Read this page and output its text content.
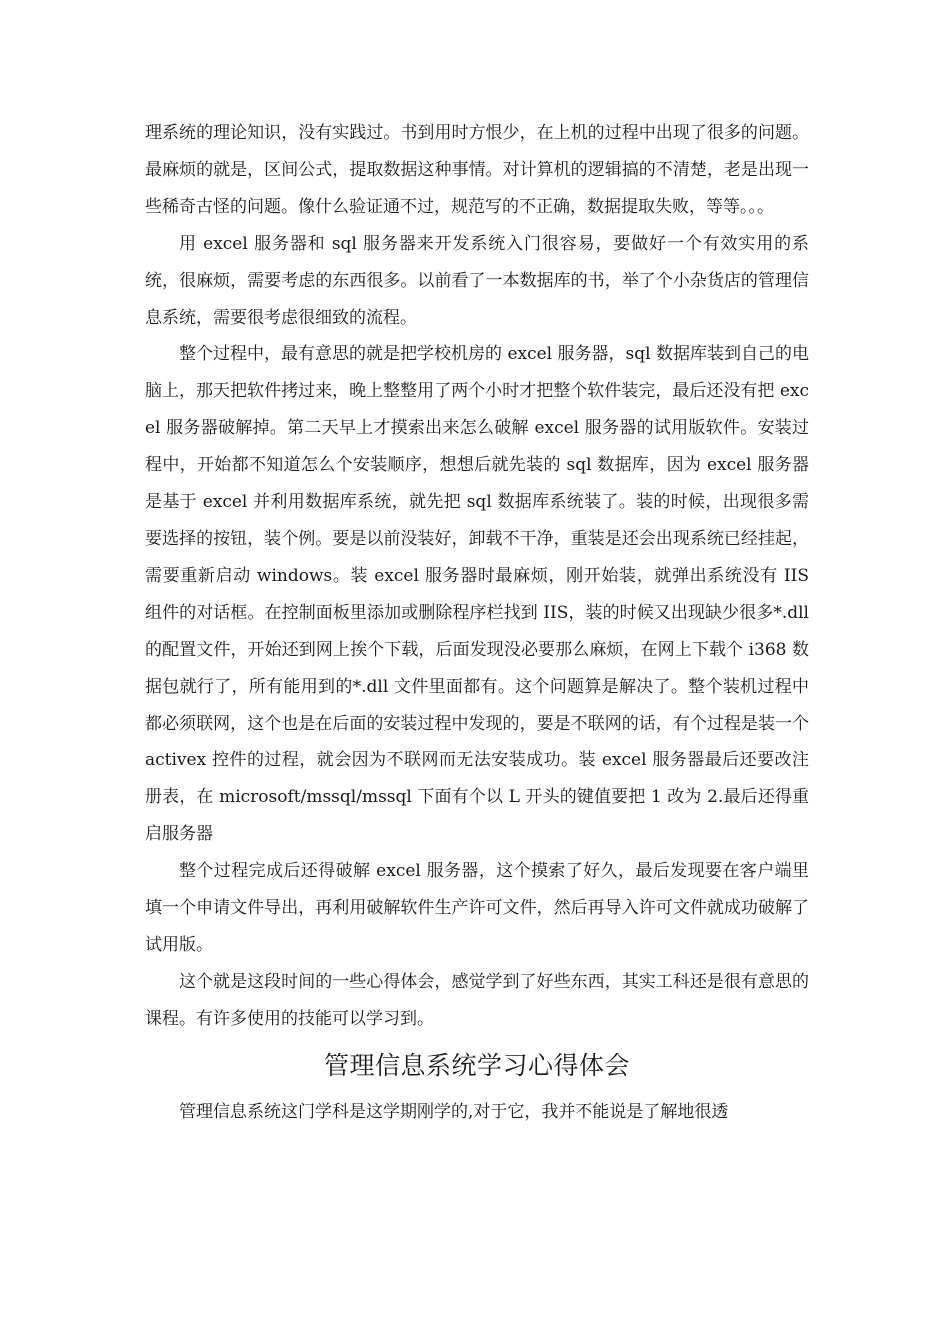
理系统的理论知识，没有实践过。书到用时方恨少，在上机的过程中出现了很多的问题。最麻烦的就是，区间公式，提取数据这种事情。对计算机的逻辑搞的不清楚，老是出现一些稀奇古怪的问题。像什么验证通不过，规范写的不正确，数据提取失败，等等。。。

用 excel 服务器和 sql 服务器来开发系统入门很容易，要做好一个有效实用的系统，很麻烦，需要考虑的东西很多。以前看了一本数据库的书，举了个小杂货店的管理信息系统，需要很考虑很细致的流程。

整个过程中，最有意思的就是把学校机房的 excel 服务器，sql 数据库装到自己的电脑上，那天把软件拷过来，晚上整整用了两个小时才把整个软件装完，最后还没有把 excel 服务器破解掉。第二天早上才摸索出来怎么破解 excel 服务器的试用版软件。安装过程中，开始都不知道怎么个安装顺序，想想后就先装的 sql 数据库，因为 excel 服务器是基于 excel 并利用数据库系统，就先把 sql 数据库系统装了。装的时候，出现很多需要选择的按钮，装个例。要是以前没装好，卸载不干净，重装是还会出现系统已经挂起，需要重新启动 windows。装 excel 服务器时最麻烦，刚开始装，就弹出系统没有 IIS 组件的对话框。在控制面板里添加或删除程序栏找到 IIS，装的时候又出现缺少很多*.dll 的配置文件，开始还到网上挨个下载，后面发现没必要那么麻烦，在网上下载个 i368 数据包就行了，所有能用到的*.dll 文件里面都有。这个问题算是解决了。整个装机过程中都必须联网，这个也是在后面的安装过程中发现的，要是不联网的话，有个过程是装一个 activex 控件的过程，就会因为不联网而无法安装成功。装 excel 服务器最后还要改注册表，在 microsoft/mssql/mssql 下面有个以 L 开头的键值要把 1 改为 2.最后还得重启服务器

整个过程完成后还得破解 excel 服务器，这个摸索了好久，最后发现要在客户端里填一个申请文件导出，再利用破解软件生产许可文件，然后再导入许可文件就成功破解了试用版。

这个就是这段时间的一些心得体会，感觉学到了好些东西，其实工科还是很有意思的课程。有许多使用的技能可以学习到。

管理信息系统学习心得体会

管理信息系统这门学科是这学期刚学的,对于它，我并不能说是了解地很透
